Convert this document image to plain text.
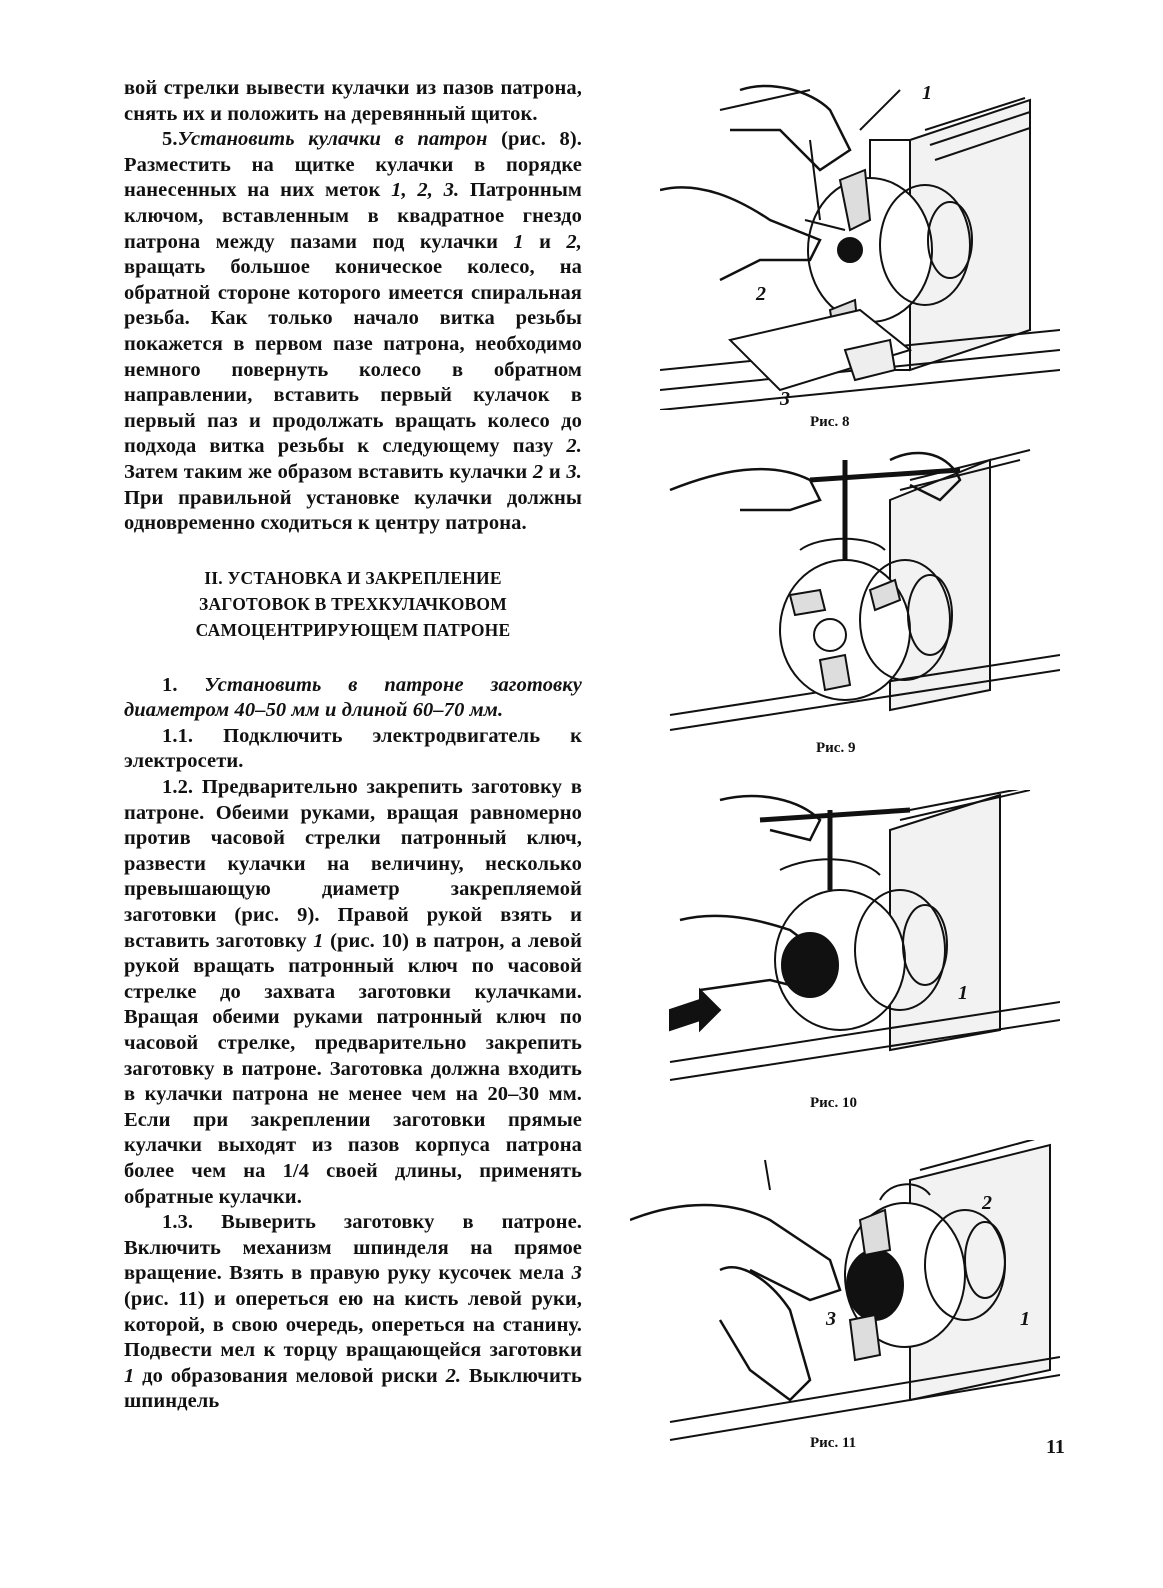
вой стрелки вывести кулачки из пазов патрона, снять их и положить на деревянный щиток.

5.Установить кулачки в патрон (рис. 8). Разместить на щитке кулачки в порядке нанесенных на них меток 1, 2, 3. Патронным ключом, вставленным в квадратное гнездо патрона между пазами под кулачки 1 и 2, вращать большое коническое колесо, на обратной стороне которого имеется спиральная резьба. Как только начало витка резьбы покажется в первом пазе патрона, необходимо немного повернуть колесо в обратном направлении, вставить первый кулачок в первый паз и продолжать вращать колесо до подхода витка резьбы к следующему пазу 2. Затем таким же образом вставить кулачки 2 и 3. При правильной установке кулачки должны одновременно сходиться к центру патрона.

II. УСТАНОВКА И ЗАКРЕПЛЕНИЕ
ЗАГОТОВОК В ТРЕХКУЛАЧКОВОМ
САМОЦЕНТРИРУЮЩЕМ ПАТРОНЕ

1. Установить в патроне заготовку диаметром 40–50 мм и длиной 60–70 мм.

1.1. Подключить электродвигатель к электросети.

1.2. Предварительно закрепить заготовку в патроне. Обеими руками, вращая равномерно против часовой стрелки патронный ключ, развести кулачки на величину, несколько превышающую диаметр закрепляемой заготовки (рис. 9). Правой рукой взять и вставить заготовку 1 (рис. 10) в патрон, а левой рукой вращать патронный ключ по часовой стрелке до захвата заготовки кулачками. Вращая обеими руками патронный ключ по часовой стрелке, предварительно закрепить заготовку в патроне. Заготовка должна входить в кулачки патрона не менее чем на 20–30 мм. Если при закреплении заготовки прямые кулачки выходят из пазов корпуса патрона более чем на 1/4 своей длины, применять обратные кулачки.

1.3. Выверить заготовку в патроне. Включить механизм шпинделя на прямое вращение. Взять в правую руку кусочек мела 3 (рис. 11) и опереться ею на кисть левой руки, которой, в свою очередь, опереться на станину. Подвести мел к торцу вращающейся заготовки 1 до образования меловой риски 2. Выключить шпиндель

1
2
3
Рис. 8
Рис. 9
1
Рис. 10
2
3	1
Рис. 11	11
